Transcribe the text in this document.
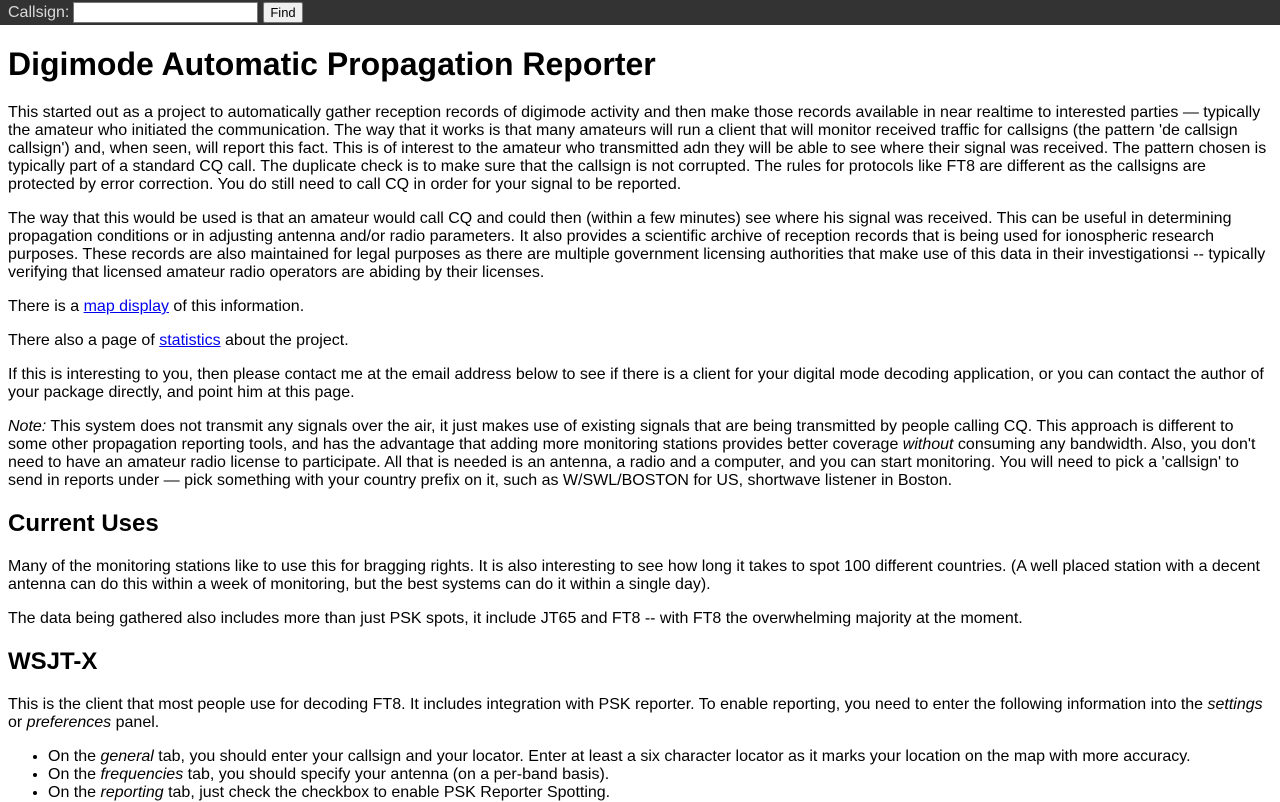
Callsign:	Find
Digimode Automatic Propagation Reporter

This started out as a project to automatically gather reception records of digimode activity and then make those records available in near realtime to interested parties — typically the amateur who initiated the communication. The way that it works is that many amateurs will run a client that will monitor received traffic for callsigns (the pattern 'de callsign callsign') and, when seen, will report this fact. This is of interest to the amateur who transmitted adn they will be able to see where their signal was received. The pattern chosen is typically part of a standard CQ call. The duplicate check is to make sure that the callsign is not corrupted. The rules for protocols like FT8 are different as the callsigns are protected by error correction. You do still need to call CQ in order for your signal to be reported.

The way that this would be used is that an amateur would call CQ and could then (within a few minutes) see where his signal was received. This can be useful in determining propagation conditions or in adjusting antenna and/or radio parameters. It also provides a scientific archive of reception records that is being used for ionospheric research purposes. These records are also maintained for legal purposes as there are multiple government licensing authorities that make use of this data in their investigationsi -- typically verifying that licensed amateur radio operators are abiding by their licenses.

There is a map display of this information.

There also a page of statistics about the project.

If this is interesting to you, then please contact me at the email address below to see if there is a client for your digital mode decoding application, or you can contact the author of your package directly, and point him at this page.

Note: This system does not transmit any signals over the air, it just makes use of existing signals that are being transmitted by people calling CQ. This approach is different to some other propagation reporting tools, and has the advantage that adding more monitoring stations provides better coverage without consuming any bandwidth. Also, you don't need to have an amateur radio license to participate. All that is needed is an antenna, a radio and a computer, and you can start monitoring. You will need to pick a 'callsign' to send in reports under — pick something with your country prefix on it, such as W/SWL/BOSTON for US, shortwave listener in Boston.

Current Uses

Many of the monitoring stations like to use this for bragging rights. It is also interesting to see how long it takes to spot 100 different countries. (A well placed station with a decent antenna can do this within a week of monitoring, but the best systems can do it within a single day).

The data being gathered also includes more than just PSK spots, it include JT65 and FT8 -- with FT8 the overwhelming majority at the moment.

WSJT-X

This is the client that most people use for decoding FT8. It includes integration with PSK reporter. To enable reporting, you need to enter the following information into the settings or preferences panel.

• On the general tab, you should enter your callsign and your locator. Enter at least a six character locator as it marks your location on the map with more accuracy.
• On the frequencies tab, you should specify your antenna (on a per-band basis).
• On the reporting tab, just check the checkbox to enable PSK Reporter Spotting.
